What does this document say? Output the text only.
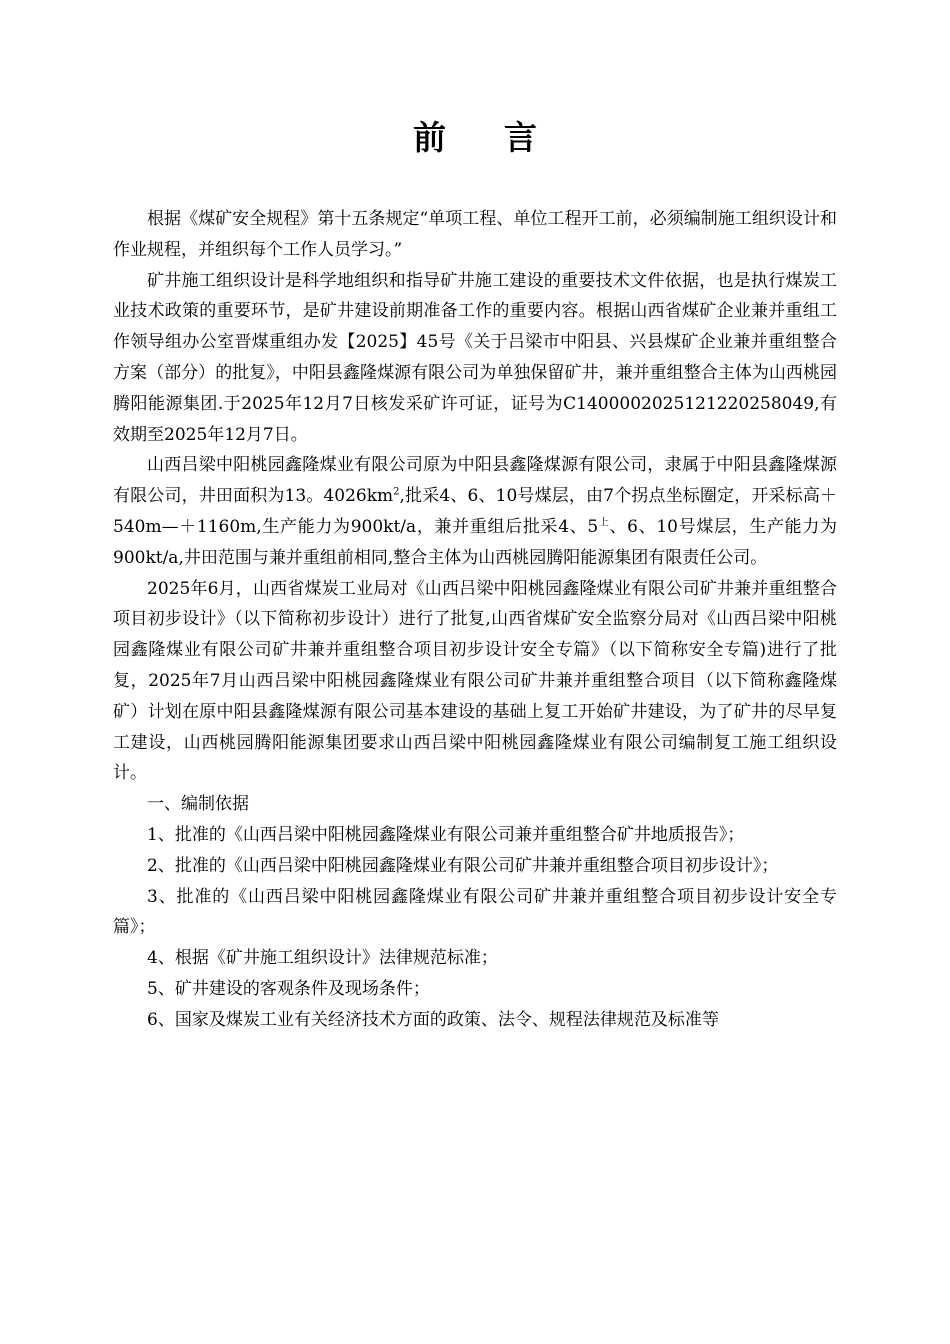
前 言

根据《煤矿安全规程》第十五条规定“单项工程、单位工程开工前，必须编制施工组织设计和作业规程，并组织每个工作人员学习。”

矿井施工组织设计是科学地组织和指导矿井施工建设的重要技术文件依据，也是执行煤炭工业技术政策的重要环节，是矿井建设前期准备工作的重要内容。根据山西省煤矿企业兼并重组工作领导组办公室晋煤重组办发【2025】45号《关于吕梁市中阳县、兴县煤矿企业兼并重组整合方案（部分）的批复》，中阳县鑫隆煤源有限公司为单独保留矿井，兼并重组整合主体为山西桃园腾阳能源集团.于2025年12月7日核发采矿许可证，证号为C1400002025121220258049,有效期至2025年12月7日。

山西吕梁中阳桃园鑫隆煤业有限公司原为中阳县鑫隆煤源有限公司，隶属于中阳县鑫隆煤源有限公司，井田面积为13。$4026km^2$,批采4、6、10号煤层，由7个拐点坐标圈定，开采标高＋540m—＋1160m,生产能力为900kt/a，兼并重组后批采4、$5^上$、6、10号煤层，生产能力为900kt/a,井田范围与兼并重组前相同,整合主体为山西桃园腾阳能源集团有限责任公司。

2025年6月，山西省煤炭工业局对《山西吕梁中阳桃园鑫隆煤业有限公司矿井兼并重组整合项目初步设计》（以下简称初步设计）进行了批复,山西省煤矿安全监察分局对《山西吕梁中阳桃园鑫隆煤业有限公司矿井兼并重组整合项目初步设计安全专篇》（以下简称安全专篇)进行了批复，2025年7月山西吕梁中阳桃园鑫隆煤业有限公司矿井兼并重组整合项目（以下简称鑫隆煤矿）计划在原中阳县鑫隆煤源有限公司基本建设的基础上复工开始矿井建设，为了矿井的尽早复工建设，山西桃园腾阳能源集团要求山西吕梁中阳桃园鑫隆煤业有限公司编制复工施工组织设计。

一、编制依据

1、批准的《山西吕梁中阳桃园鑫隆煤业有限公司兼并重组整合矿井地质报告》；

2、批准的《山西吕梁中阳桃园鑫隆煤业有限公司矿井兼并重组整合项目初步设计》；

3、批准的《山西吕梁中阳桃园鑫隆煤业有限公司矿井兼并重组整合项目初步设计安全专篇》；

4、根据《矿井施工组织设计》法律规范标准；

5、矿井建设的客观条件及现场条件；

6、国家及煤炭工业有关经济技术方面的政策、法令、规程法律规范及标准等
